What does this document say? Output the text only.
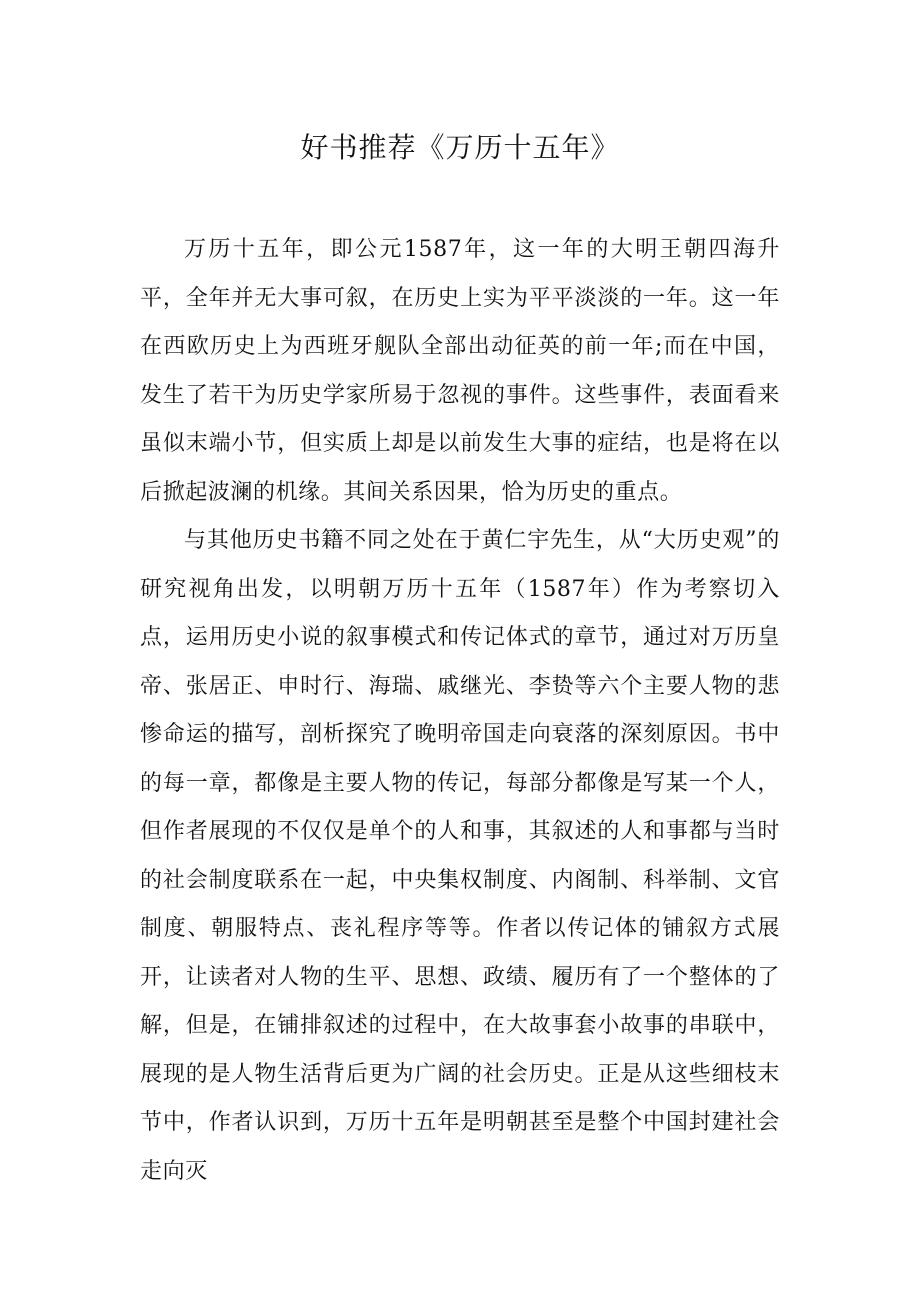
好书推荐《万历十五年》

万历十五年，即公元1587年，这一年的大明王朝四海升平，全年并无大事可叙，在历史上实为平平淡淡的一年。这一年在西欧历史上为西班牙舰队全部出动征英的前一年;而在中国，发生了若干为历史学家所易于忽视的事件。这些事件，表面看来虽似末端小节，但实质上却是以前发生大事的症结，也是将在以后掀起波澜的机缘。其间关系因果，恰为历史的重点。

与其他历史书籍不同之处在于黄仁宇先生，从“大历史观”的研究视角出发，以明朝万历十五年（1587年）作为考察切入点，运用历史小说的叙事模式和传记体式的章节，通过对万历皇帝、张居正、申时行、海瑞、戚继光、李贽等六个主要人物的悲惨命运的描写，剖析探究了晚明帝国走向衰落的深刻原因。书中的每一章，都像是主要人物的传记，每部分都像是写某一个人，但作者展现的不仅仅是单个的人和事，其叙述的人和事都与当时的社会制度联系在一起，中央集权制度、内阁制、科举制、文官制度、朝服特点、丧礼程序等等。作者以传记体的铺叙方式展开，让读者对人物的生平、思想、政绩、履历有了一个整体的了解，但是，在铺排叙述的过程中，在大故事套小故事的串联中，展现的是人物生活背后更为广阔的社会历史。正是从这些细枝末节中，作者认识到，万历十五年是明朝甚至是整个中国封建社会走向灭
